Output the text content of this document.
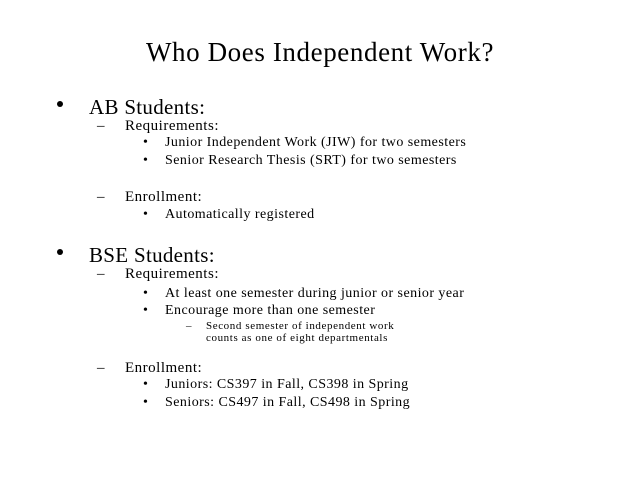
Who Does Independent Work?
AB Students:
– Requirements:
• Junior Independent Work (JIW) for two semesters
• Senior Research Thesis (SRT) for two semesters
– Enrollment:
• Automatically registered
BSE Students:
– Requirements:
• At least one semester during junior or senior year
• Encourage more than one semester
– Second semester of independent work
counts as one of eight departmentals
– Enrollment:
• Juniors: CS397 in Fall, CS398 in Spring
• Seniors: CS497 in Fall, CS498 in Spring
